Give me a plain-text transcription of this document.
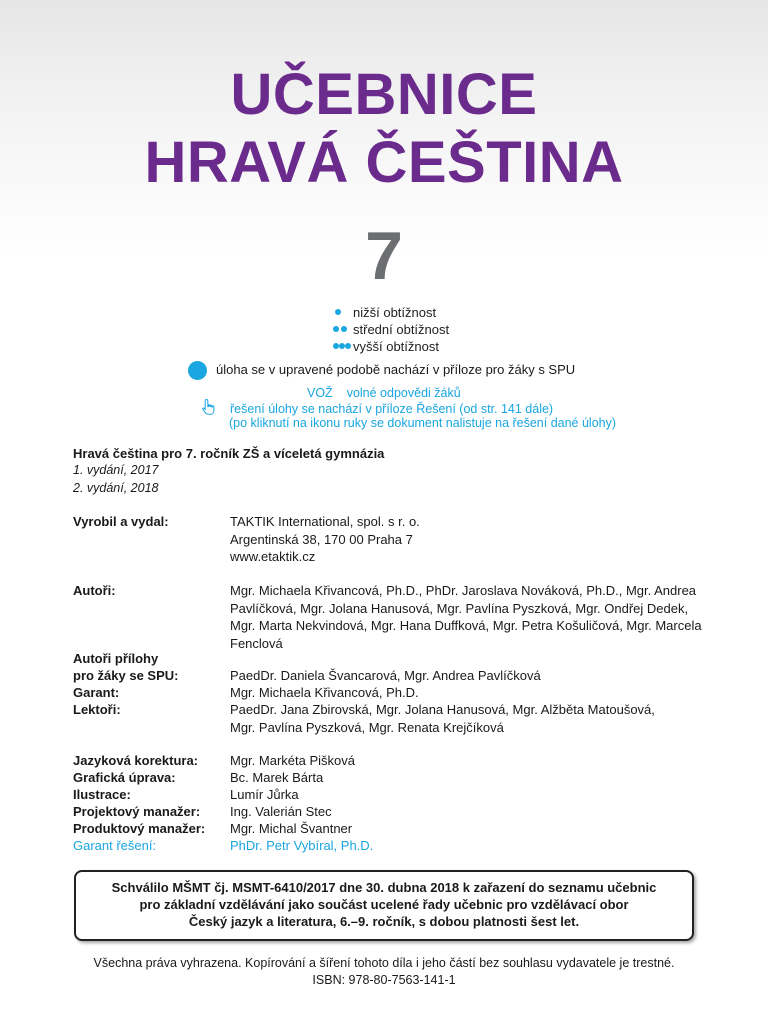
UČEBNICE
HRAVÁ ČEŠTINA
7
nižší obtížnost
střední obtížnost
vyšší obtížnost
úloha se v upravené podobě nachází v příloze pro žáky s SPU
VOŽ volné odpovědi žáků
řešení úlohy se nachází v příloze Řešení (od str. 141 dále)
(po kliknutí na ikonu ruky se dokument nalistuje na řešení dané úlohy)
Hravá čeština pro 7. ročník ZŠ a víceletá gymnázia
1. vydání, 2017
2. vydání, 2018
Vyrobil a vydal:	TAKTIK International, spol. s r. o.
Argentinská 38, 170 00 Praha 7
www.etaktik.cz
Autoři:	Mgr. Michaela Křivancová, Ph.D., PhDr. Jaroslava Nováková, Ph.D., Mgr. Andrea
Pavlíčková, Mgr. Jolana Hanusová, Mgr. Pavlína Pyszková, Mgr. Ondřej Dedek,
Mgr. Marta Nekvindová, Mgr. Hana Duffková, Mgr. Petra Košuličová, Mgr. Marcela
Fenclová
Autoři přílohy
pro žáky se SPU:	PaedDr. Daniela Švancarová, Mgr. Andrea Pavlíčková
Garant:	Mgr. Michaela Křivancová, Ph.D.
Lektoři:	PaedDr. Jana Zbirovská, Mgr. Jolana Hanusová, Mgr. Alžběta Matoušová,
Mgr. Pavlína Pyszková, Mgr. Renata Krejčíková
Jazyková korektura: Mgr. Markéta Pišková
Grafická úprava:	Bc. Marek Bárta
Ilustrace:	Lumír Jůrka
Projektový manažer: Ing. Valerián Stec
Produktový manažer: Mgr. Michal Švantner
Garant řešení:	PhDr. Petr Vybíral, Ph.D.
Schválilo MŠMT čj. MSMT-6410/2017 dne 30. dubna 2018 k zařazení do seznamu učebnic
pro základní vzdělávání jako součást ucelené řady učebnic pro vzdělávací obor
Český jazyk a literatura, 6.–9. ročník, s dobou platnosti šest let.
Všechna práva vyhrazena. Kopírování a šíření tohoto díla i jeho částí bez souhlasu vydavatele je trestné.
ISBN: 978-80-7563-141-1
